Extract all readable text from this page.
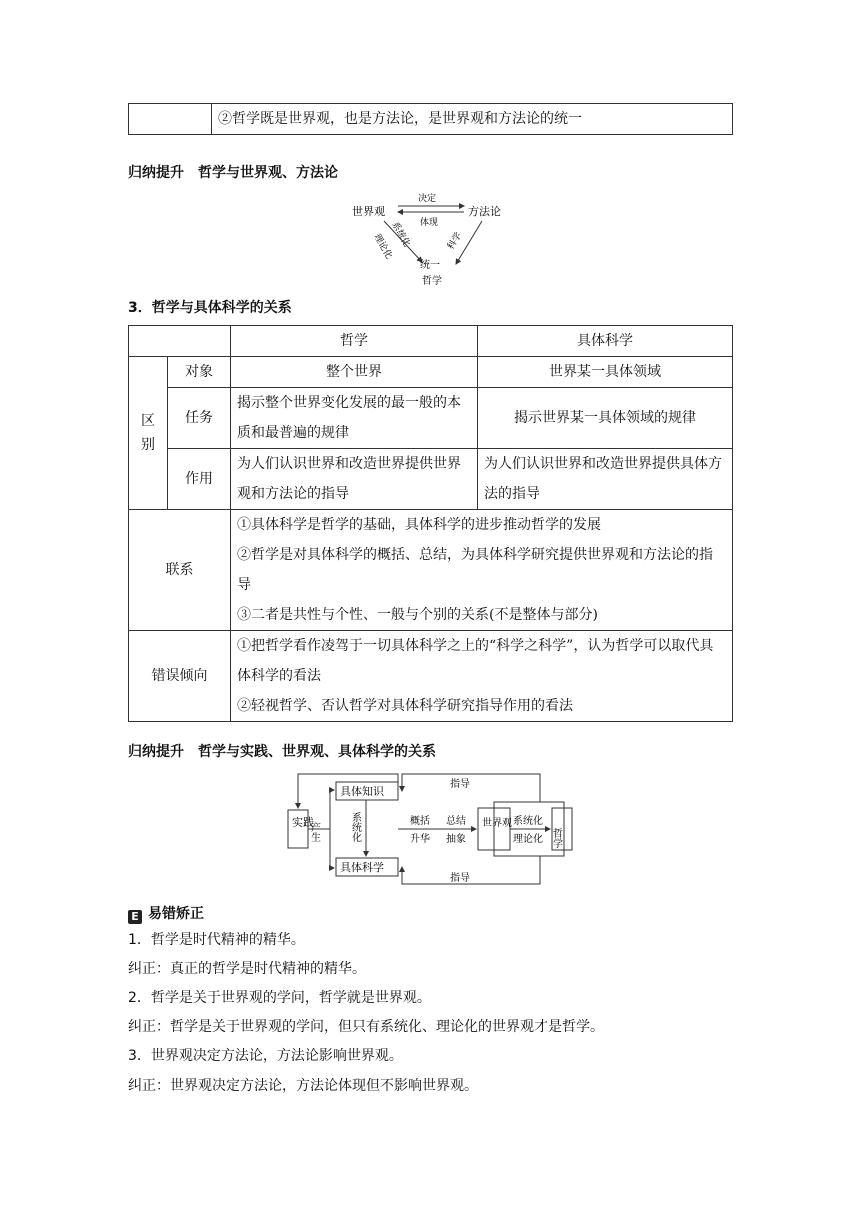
	②哲学既是世界观，也是方法论，是世界观和方法论的统一
归纳提升 哲学与世界观、方法论
世界观	方法论
决定
体现
理论化
系统化	科学
统一
哲学
3．哲学与具体科学的关系
		哲学	具体科学

区别	对象	整个世界	世界某一具体领域
	任务	揭示整个世界变化发展的最一般的本质和最普遍的规律	揭示世界某一具体领域的规律
	作用	为人们认识世界和改造世界提供世界观和方法论的指导	为人们认识世界和改造世界提供具体方法的指导
联系		①具体科学是哲学的基础，具体科学的进步推动哲学的发展
②哲学是对具体科学的概括、总结，为具体科学研究提供世界观和方法论的指导
③二者是共性与个性、一般与个别的关系(不是整体与部分)	

错误倾向		①把哲学看作凌驾于一切具体科学之上的“科学之科学”，认为哲学可以取代具体科学的看法
②轻视哲学、否认哲学对具体科学研究指导作用的看法	
归纳提升 哲学与实践、世界观、具体科学的关系
实践
产生
具体知识
具体科学
系统化	概括
升华
总结
抽象
世界观
哲学
系统化
理论化
指导
指导
E 易错矫正
1．哲学是时代精神的精华。
纠正：真正的哲学是时代精神的精华。
2．哲学是关于世界观的学问，哲学就是世界观。
纠正：哲学是关于世界观的学问，但只有系统化、理论化的世界观才是哲学。
3．世界观决定方法论，方法论影响世界观。
纠正：世界观决定方法论，方法论体现但不影响世界观。
